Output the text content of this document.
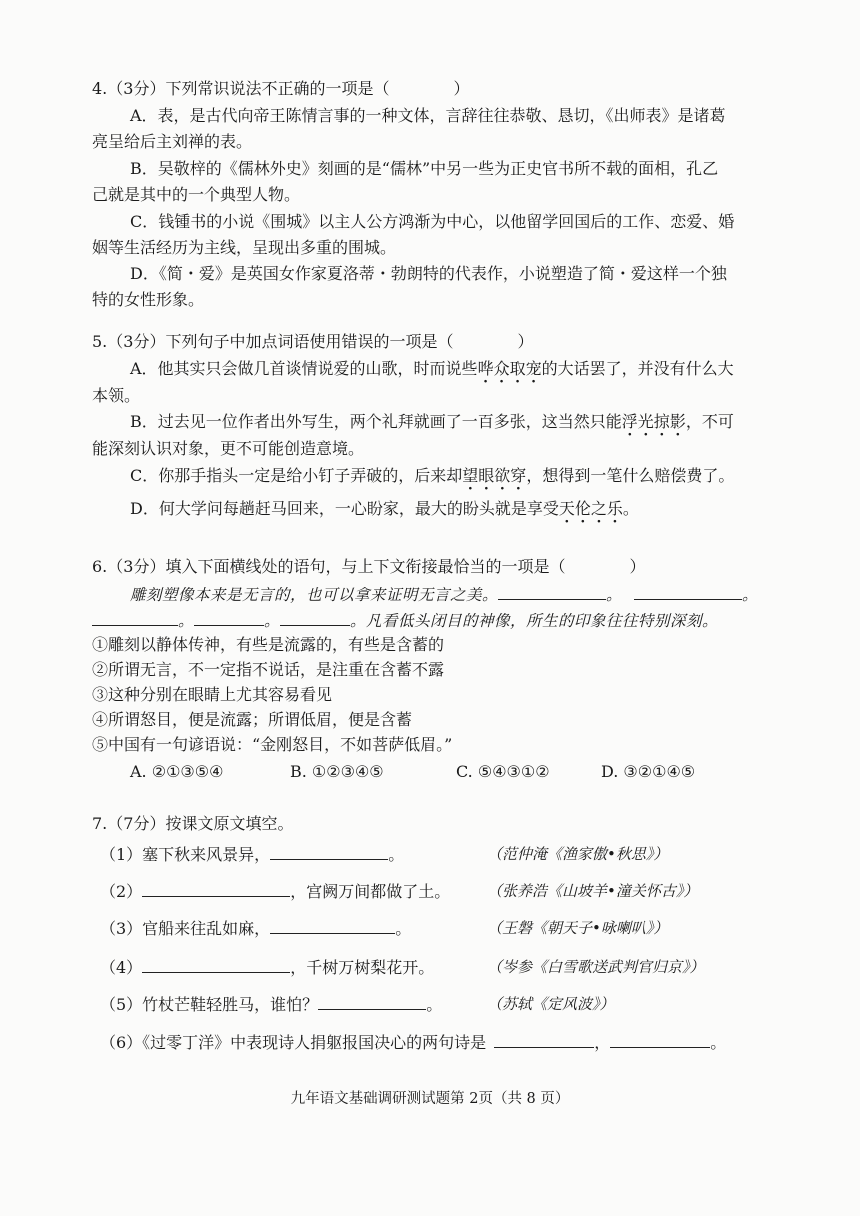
4.（3分）下列常识说法不正确的一项是（　　　　）
A．表，是古代向帝王陈情言事的一种文体，言辞往往恭敬、恳切，《出师表》是诸葛
亮呈给后主刘禅的表。
B．吴敬梓的《儒林外史》刻画的是“儒林”中另一些为正史官书所不载的面相，孔乙
己就是其中的一个典型人物。
C．钱锺书的小说《围城》以主人公方鸿渐为中心，以他留学回国后的工作、恋爱、婚
姻等生活经历为主线，呈现出多重的围城。
D．《简・爱》是英国女作家夏洛蒂・勃朗特的代表作，小说塑造了简・爱这样一个独
特的女性形象。
5.（3分）下列句子中加点词语使用错误的一项是（　　　　）
A．他其实只会做几首谈情说爱的山歌，时而说些哗众取宠的大话罢了，并没有什么大
本领。
B．过去见一位作者出外写生，两个礼拜就画了一百多张，这当然只能浮光掠影，不可
能深刻认识对象，更不可能创造意境。
C．你那手指头一定是给小钉子弄破的，后来却望眼欲穿，想得到一笔什么赔偿费了。
D．何大学问每趟赶马回来，一心盼家，最大的盼头就是享受天伦之乐。
6.（3分）填入下面横线处的语句，与上下文衔接最恰当的一项是（　　　　）
雕刻塑像本来是无言的，也可以拿来证明无言之美。	。	。
。	。	。凡看低头闭目的神像，所生的印象往往特别深刻。
①雕刻以静体传神，有些是流露的，有些是含蓄的
②所谓无言，不一定指不说话，是注重在含蓄不露
③这种分别在眼睛上尤其容易看见
④所谓怒目，便是流露；所谓低眉，便是含蓄
⑤中国有一句谚语说：“金刚怒目，不如菩萨低眉。”
A. ②①③⑤④	B. ①②③④⑤	C. ⑤④③①②	D. ③②①④⑤
7.（7分）按课文原文填空。
（1）塞下秋来风景异，	。	（范仲淹《渔家傲•秋思》）
（2）	，宫阙万间都做了土。 （张养浩《山坡羊•潼关怀古》）
（3）官船来往乱如麻，	。	（王磐《朝天子•咏喇叭》）
（4）	，千树万树梨花开。	（岑参《白雪歌送武判官归京》）
（5）竹杖芒鞋轻胜马，谁怕？	。	（苏轼《定风波》）
（6）《过零丁洋》中表现诗人捐躯报国决心的两句诗是	，	。
九年语文基础调研测试题第 2页（共 8 页）
